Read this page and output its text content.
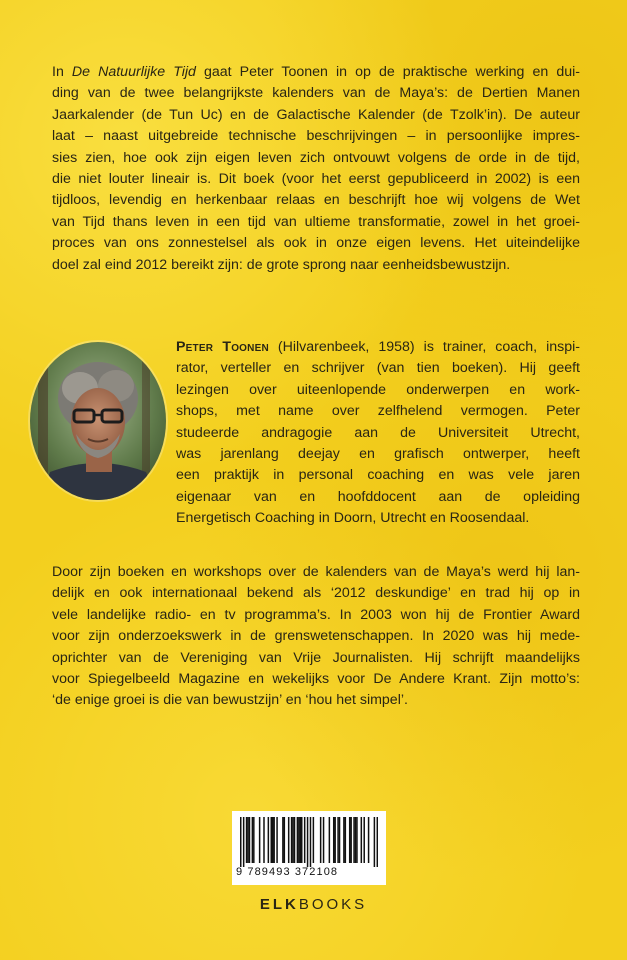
In De Natuurlijke Tijd gaat Peter Toonen in op de praktische werking en dui-
ding van de twee belangrijkste kalenders van de Maya’s: de Dertien Manen
Jaarkalender (de Tun Uc) en de Galactische Kalender (de Tzolk’in). De auteur
laat – naast uitgebreide technische beschrijvingen – in persoonlijke impres-
sies zien, hoe ook zijn eigen leven zich ontvouwt volgens de orde in de tijd,
die niet louter lineair is. Dit boek (voor het eerst gepubliceerd in 2002) is een
tijdloos, levendig en herkenbaar relaas en beschrijft hoe wij volgens de Wet
van Tijd thans leven in een tijd van ultieme transformatie, zowel in het groei-
proces van ons zonnestelsel als ook in onze eigen levens. Het uiteindelijke
doel zal eind 2012 bereikt zijn: de grote sprong naar eenheidsbewustzijn.
Peter Toonen (Hilvarenbeek, 1958) is trainer, coach, inspi-
rator, verteller en schrijver (van tien boeken). Hij geeft
lezingen over uiteenlopende onderwerpen en work-
shops, met name over zelfhelend vermogen. Peter
studeerde andragogie aan de Universiteit Utrecht,
was jarenlang deejay en grafisch ontwerper, heeft
een praktijk in personal coaching en was vele jaren
eigenaar van en hoofddocent aan de opleiding
Energetisch Coaching in Doorn, Utrecht en Roosendaal.
Door zijn boeken en workshops over de kalenders van de Maya’s werd hij lan-
delijk en ook internationaal bekend als ‘2012 deskundige’ en trad hij op in
vele landelijke radio- en tv programma’s. In 2003 won hij de Frontier Award
voor zijn onderzoekswerk in de grenswetenschappen. In 2020 was hij mede-
oprichter van de Vereniging van Vrije Journalisten. Hij schrijft maandelijks
voor Spiegelbeeld Magazine en wekelijks voor De Andere Krant. Zijn motto’s:
‘de enige groei is die van bewustzijn’ en ‘hou het simpel’.
9 789493 372108
ELKBOOKS
